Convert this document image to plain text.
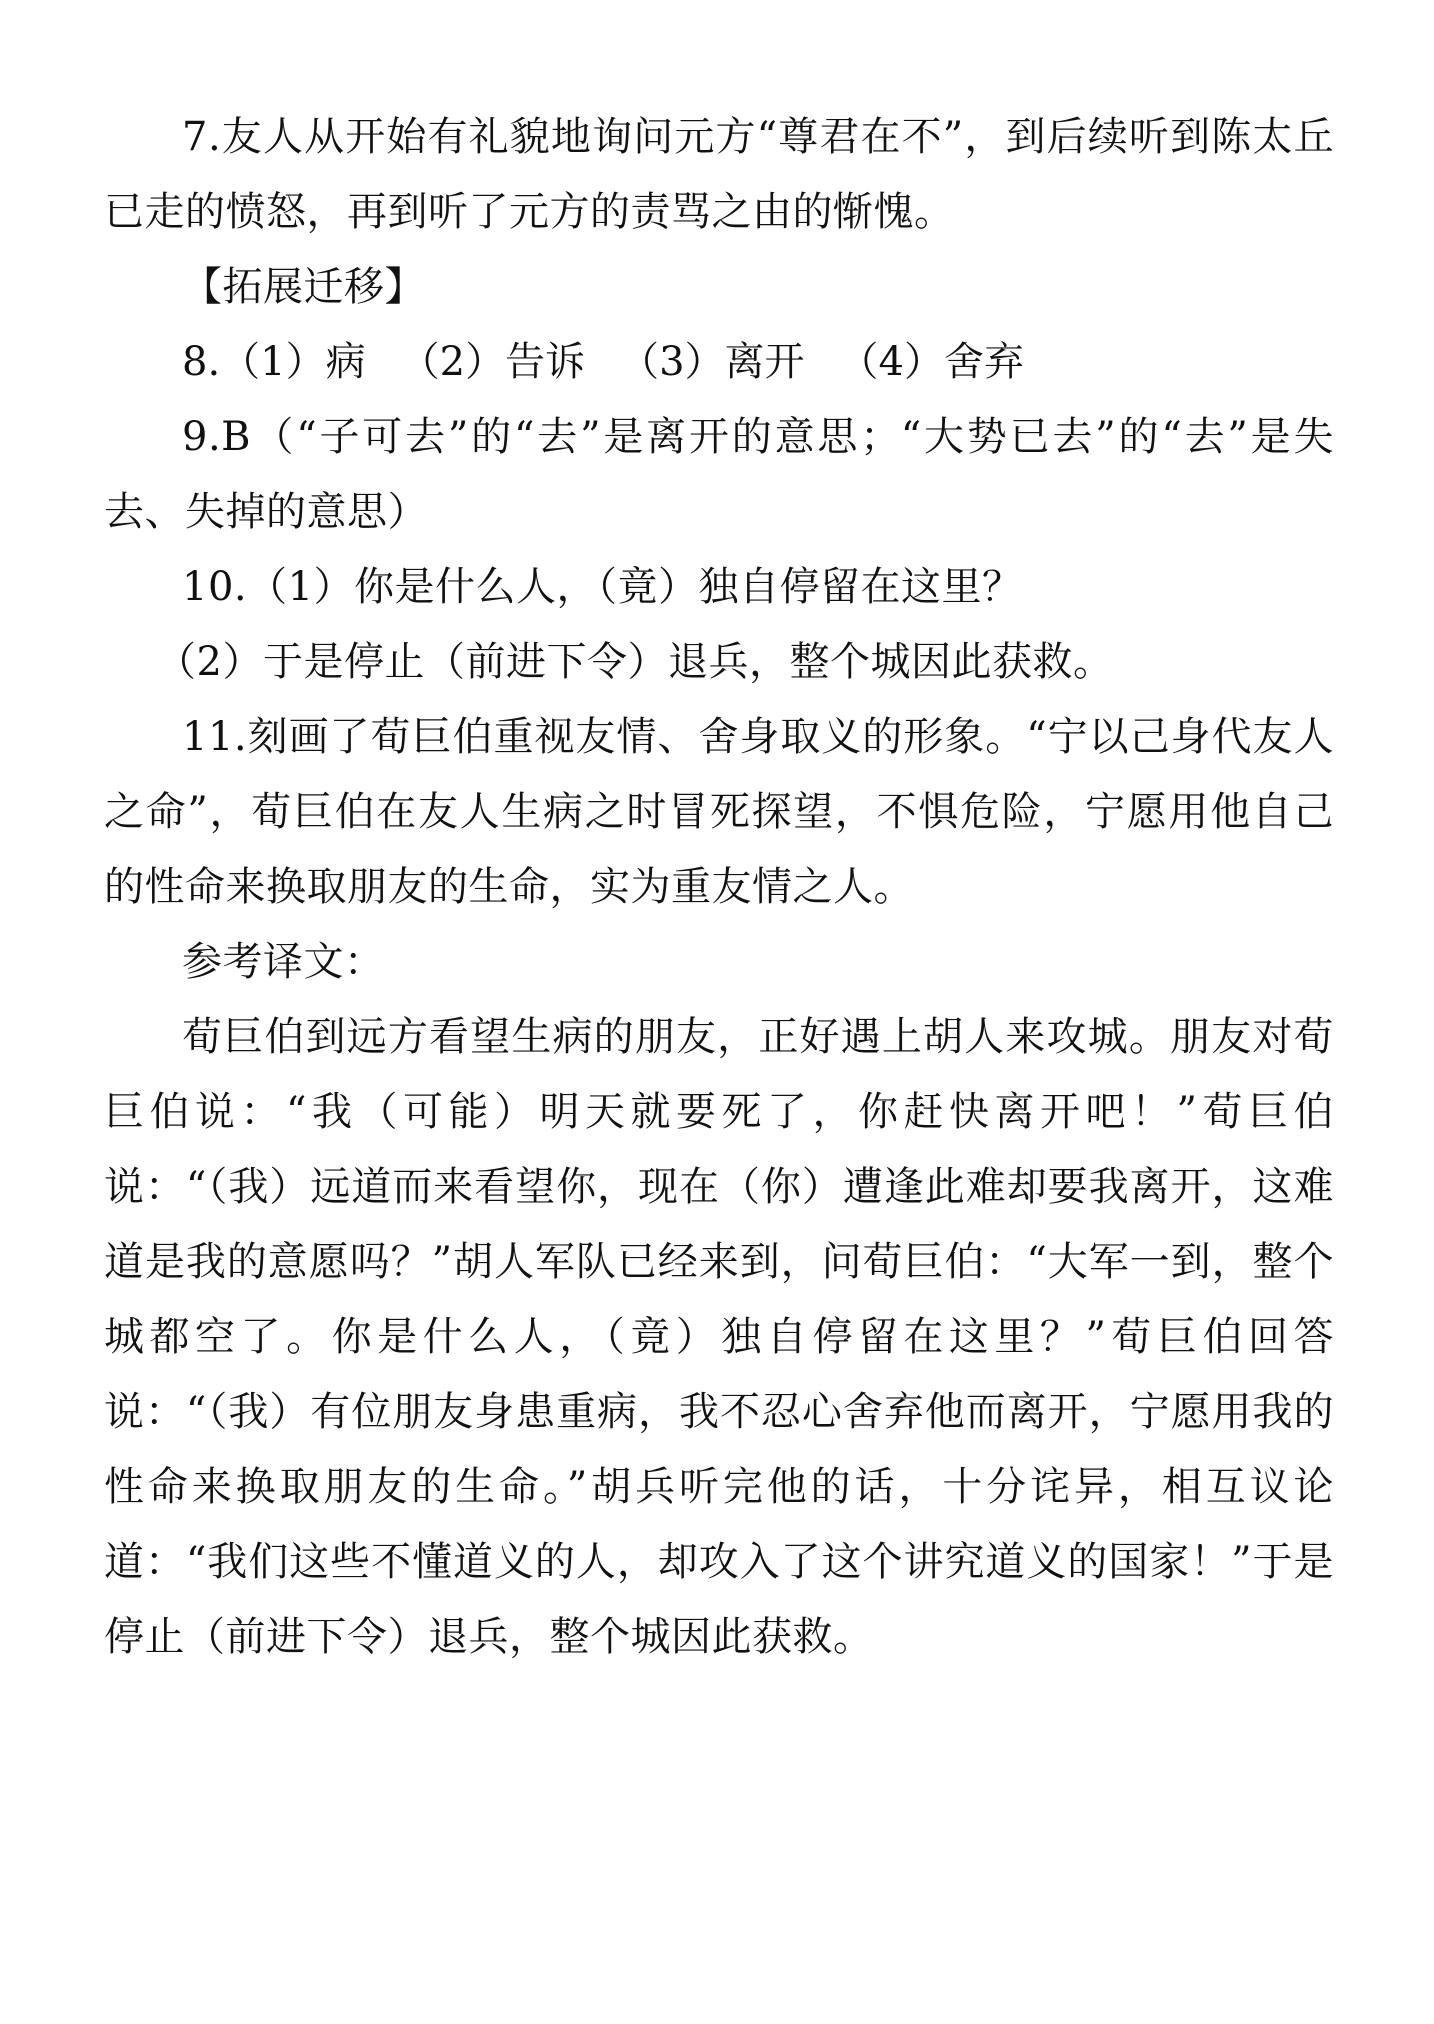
7.友人从开始有礼貌地询问元方“尊君在不”，到后续听到陈太丘已走的愤怒，再到听了元方的责骂之由的惭愧。

【拓展迁移】

8. （1）病 （2）告诉 （3）离开 （4）舍弃

9.B（“子可去”的“去”是离开的意思；“大势已去”的“去”是失去、失掉的意思）

10.（1）你是什么人，（竟）独自停留在这里？

（2）于是停止（前进下令）退兵，整个城因此获救。

11.刻画了荀巨伯重视友情、舍身取义的形象。“宁以己身代友人之命”，荀巨伯在友人生病之时冒死探望，不惧危险，宁愿用他自己的性命来换取朋友的生命，实为重友情之人。

参考译文：

荀巨伯到远方看望生病的朋友，正好遇上胡人来攻城。朋友对荀巨伯说：“我（可能）明天就要死了，你赶快离开吧！”荀巨伯说：“（我）远道而来看望你，现在（你）遭逢此难却要我离开，这难道是我的意愿吗？”胡人军队已经来到，问荀巨伯：“大军一到，整个城都空了。你是什么人，（竟）独自停留在这里？”荀巨伯回答说：“（我）有位朋友身患重病，我不忍心舍弃他而离开，宁愿用我的性命来换取朋友的生命。”胡兵听完他的话，十分诧异，相互议论道：“我们这些不懂道义的人，却攻入了这个讲究道义的国家！”于是停止（前进下令）退兵，整个城因此获救。
